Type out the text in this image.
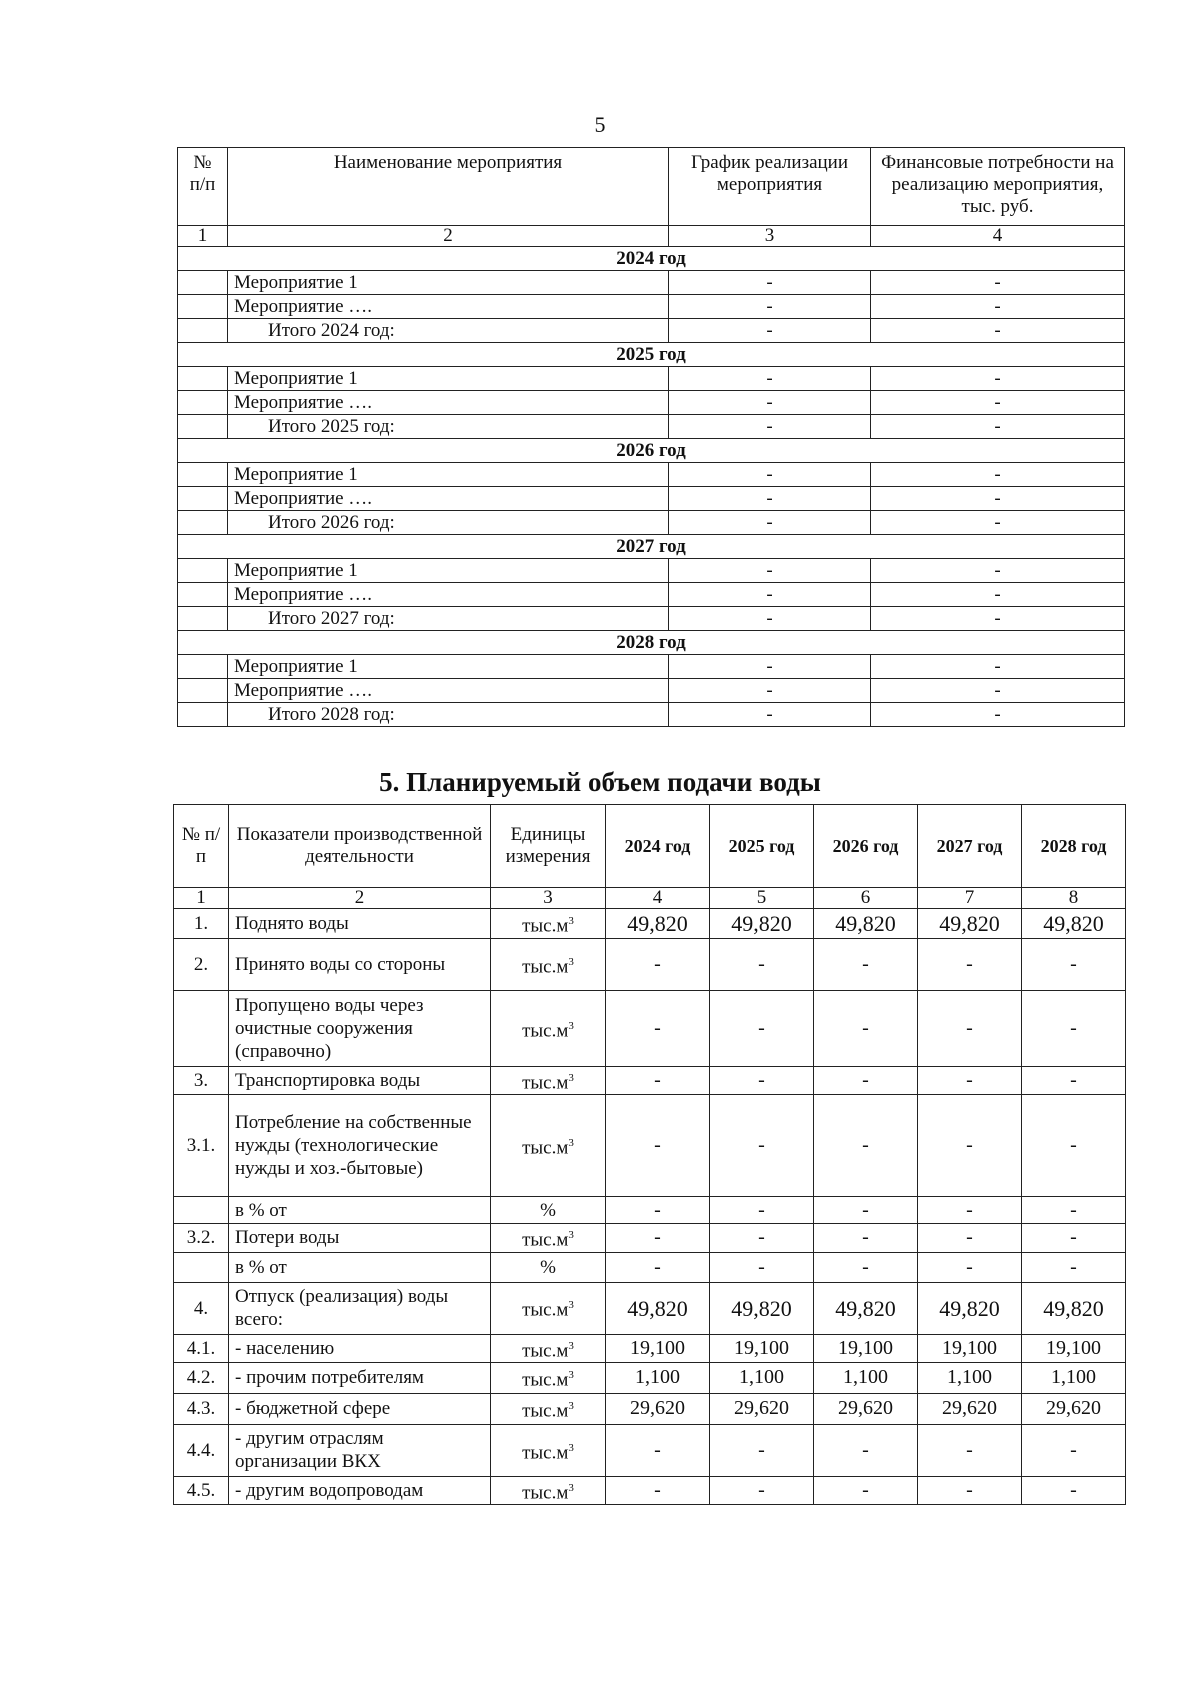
5
№ п/п	Наименование мероприятия	График реализации мероприятия	Финансовые потребности на реализацию мероприятия, тыс. руб.
1	2	3	4
2024 год			
	Мероприятие 1	-	-
	Мероприятие ….	-	-
	Итого 2024 год:	-	-
2025 год			
	Мероприятие 1	-	-
	Мероприятие ….	-	-
	Итого 2025 год:	-	-
2026 год			
	Мероприятие 1	-	-
	Мероприятие ….	-	-
	Итого 2026 год:	-	-
2027 год			
	Мероприятие 1	-	-
	Мероприятие ….	-	-
	Итого 2027 год:	-	-
2028 год			
	Мероприятие 1	-	-
	Мероприятие ….	-	-
	Итого 2028 год:	-	-
5. Планируемый объем подачи воды
№ п/п	Показатели производственной деятельности	Единицы измерения	2024 год	2025 год	2026 год	2027 год	2028 год
1	2	3	4	5	6	7	8
1.	Поднято воды	$тыс.м^3$	49,820	49,820	49,820	49,820	49,820
2.	Принято воды со стороны	$тыс.м^3$	-	-	-	-	-
	Пропущено воды через очистные сооружения (справочно)	$тыс.м^3$	-	-	-	-	-
3.	Транспортировка воды	$тыс.м^3$	-	-	-	-	-
3.1.	Потребление на собственные нужды (технологические нужды и хоз.-бытовые)	$тыс.м^3$	-	-	-	-	-
	в % от	%	-	-	-	-	-
3.2.	Потери воды	$тыс.м^3$	-	-	-	-	-
	в % от	%	-	-	-	-	-
4.	Отпуск (реализация) воды всего:	$тыс.м^3$	49,820	49,820	49,820	49,820	49,820
4.1.	- населению	$тыс.м^3$	19,100	19,100	19,100	19,100	19,100
4.2.	- прочим потребителям	$тыс.м^3$	1,100	1,100	1,100	1,100	1,100
4.3.	- бюджетной сфере	$тыс.м^3$	29,620	29,620	29,620	29,620	29,620
4.4.	- другим отраслям организации ВКХ	$тыс.м^3$	-	-	-	-	-
4.5.	- другим водопроводам	$тыс.м^3$	-	-	-	-	-
